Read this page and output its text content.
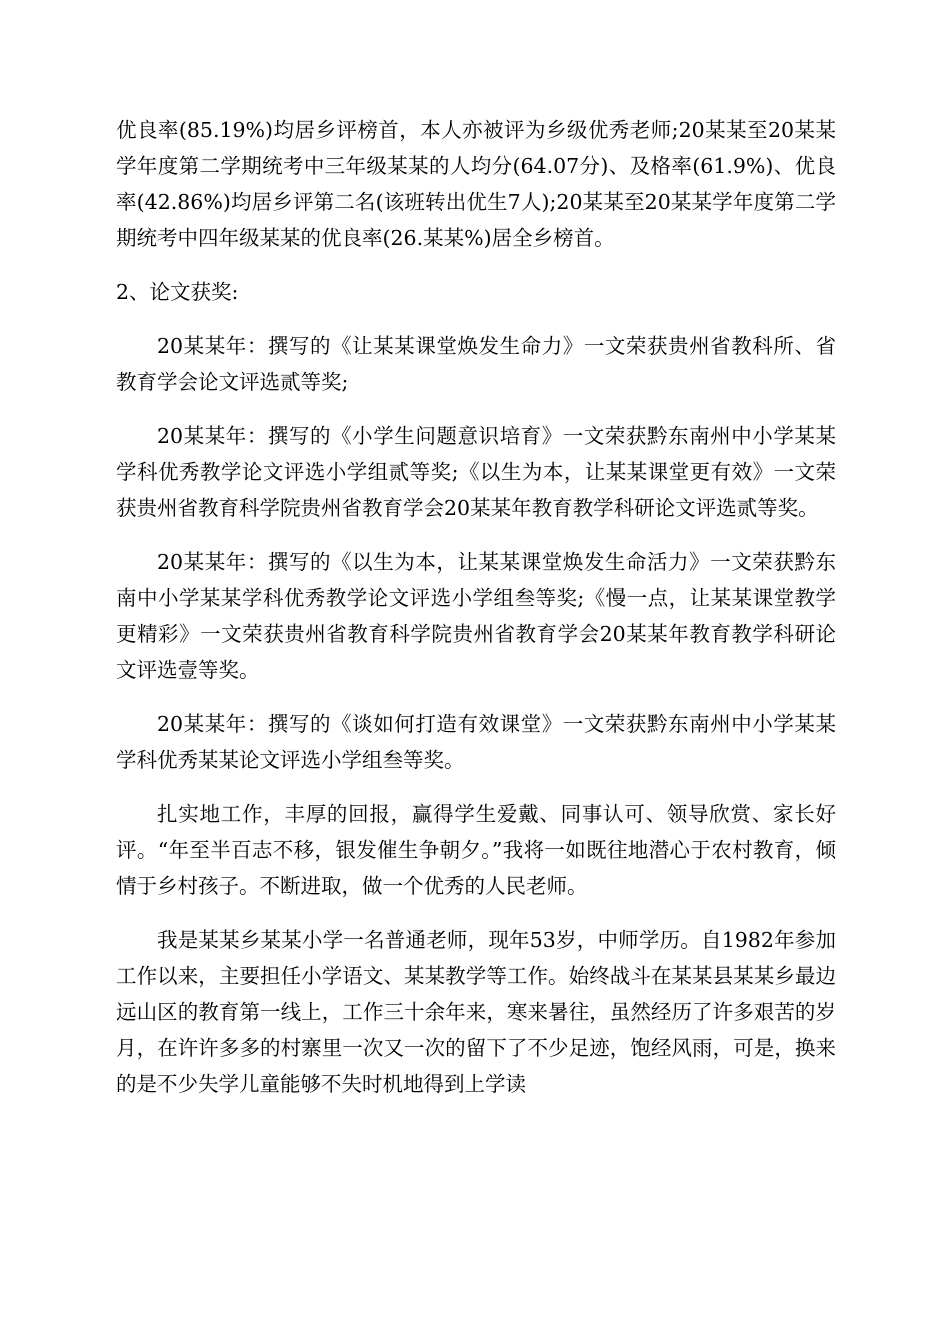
优良率(85.19%)均居乡评榜首，本人亦被评为乡级优秀老师;20某某至20某某学年度第二学期统考中三年级某某的人均分(64.07分)、及格率(61.9%)、优良率(42.86%)均居乡评第二名(该班转出优生7人);20某某至20某某学年度第二学期统考中四年级某某的优良率(26.某某%)居全乡榜首。

2、论文获奖:

20某某年：撰写的《让某某课堂焕发生命力》一文荣获贵州省教科所、省教育学会论文评选贰等奖;

20某某年：撰写的《小学生问题意识培育》一文荣获黔东南州中小学某某学科优秀教学论文评选小学组贰等奖;《以生为本，让某某课堂更有效》一文荣获贵州省教育科学院贵州省教育学会20某某年教育教学科研论文评选贰等奖。

20某某年：撰写的《以生为本，让某某课堂焕发生命活力》一文荣获黔东南中小学某某学科优秀教学论文评选小学组叁等奖;《慢一点，让某某课堂教学更精彩》一文荣获贵州省教育科学院贵州省教育学会20某某年教育教学科研论文评选壹等奖。

20某某年：撰写的《谈如何打造有效课堂》一文荣获黔东南州中小学某某学科优秀某某论文评选小学组叁等奖。

扎实地工作，丰厚的回报，赢得学生爱戴、同事认可、领导欣赏、家长好评。“年至半百志不移，银发催生争朝夕。”我将一如既往地潜心于农村教育，倾情于乡村孩子。不断进取，做一个优秀的人民老师。

我是某某乡某某小学一名普通老师，现年53岁，中师学历。自1982年参加工作以来，主要担任小学语文、某某教学等工作。始终战斗在某某县某某乡最边远山区的教育第一线上，工作三十余年来，寒来暑往，虽然经历了许多艰苦的岁月，在许许多多的村寨里一次又一次的留下了不少足迹，饱经风雨，可是，换来的是不少失学儿童能够不失时机地得到上学读
